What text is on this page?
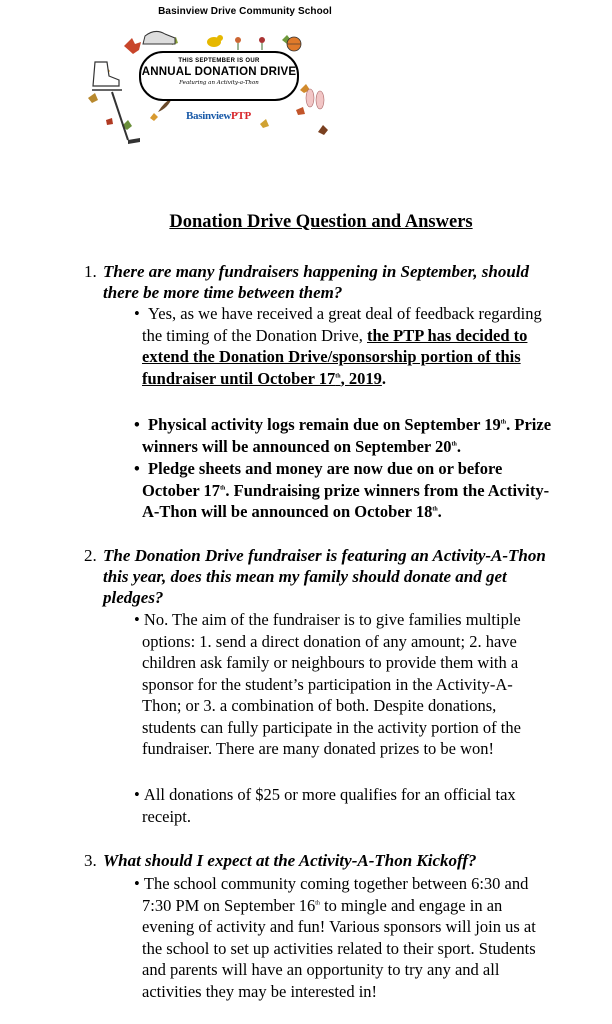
Basinview Drive Community School
THIS SEPTEMBER IS OUR
ANNUAL DONATION DRIVE
Featuring an Activity-a-Thon
BasinviewPTP
Donation Drive Question and Answers
1. There are many fundraisers happening in September, should there be more time between them?
•  Yes, as we have received a great deal of feedback regarding the timing of the Donation Drive, the PTP has decided to extend the Donation Drive/sponsorship portion of this fundraiser until October 17th, 2019.
•  Physical activity logs remain due on September 19th. Prize winners will be announced on September 20th.
•  Pledge sheets and money are now due on or before October 17th. Fundraising prize winners from the Activity-A-Thon will be announced on October 18th.
2. The Donation Drive fundraiser is featuring an Activity-A-Thon this year, does this mean my family should donate and get pledges?
• No. The aim of the fundraiser is to give families multiple options: 1. send a direct donation of any amount; 2. have children ask family or neighbours to provide them with a sponsor for the student’s participation in the Activity-A-Thon; or 3. a combination of both. Despite donations, students can fully participate in the activity portion of the fundraiser. There are many donated prizes to be won!
• All donations of $25 or more qualifies for an official tax receipt.
3. What should I expect at the Activity-A-Thon Kickoff?
• The school community coming together between 6:30 and 7:30 PM on September 16th to mingle and engage in an evening of activity and fun! Various sponsors will join us at the school to set up activities related to their sport. Students and parents will have an opportunity to try any and all activities they may be interested in!
